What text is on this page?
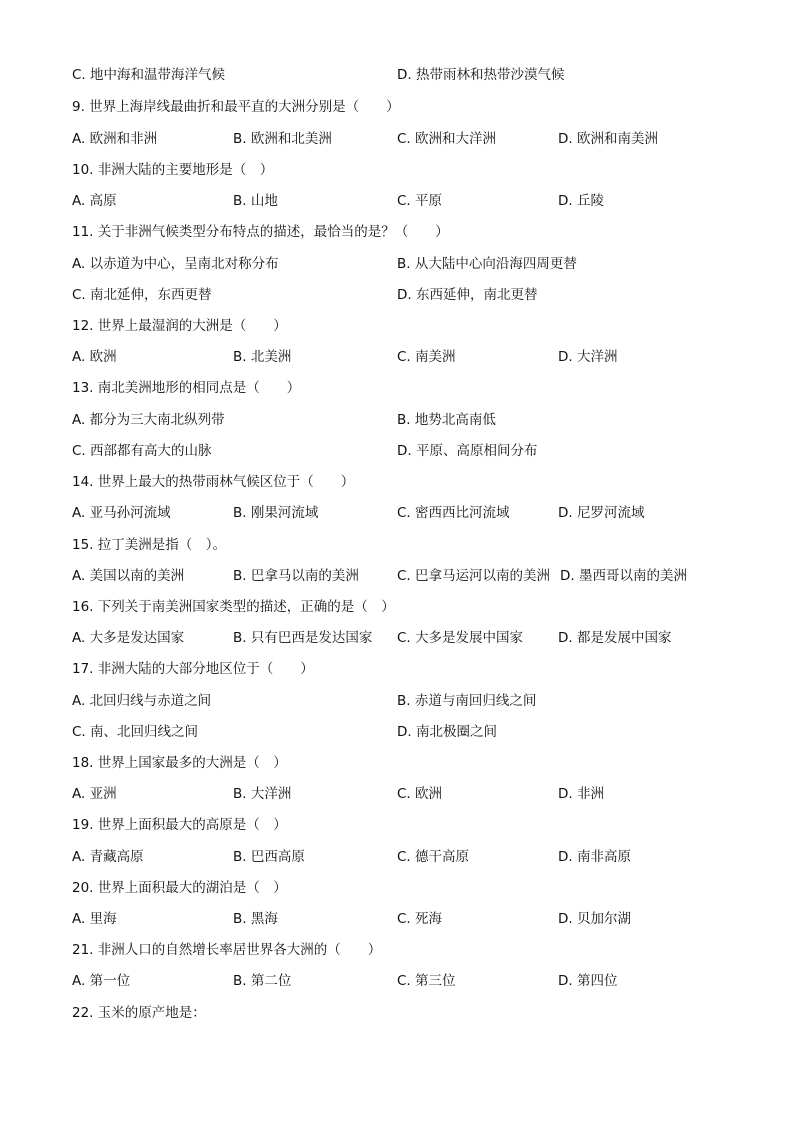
C. 地中海和温带海洋气候	D. 热带雨林和热带沙漠气候
9. 世界上海岸线最曲折和最平直的大洲分别是（　　）
A. 欧洲和非洲	B. 欧洲和北美洲	C. 欧洲和大洋洲	D. 欧洲和南美洲
10. 非洲大陆的主要地形是（　）
A. 高原	B. 山地	C. 平原	D. 丘陵
11. 关于非洲气候类型分布特点的描述，最恰当的是？（　　）
A. 以赤道为中心，呈南北对称分布	B. 从大陆中心向沿海四周更替
C. 南北延伸，东西更替	D. 东西延伸，南北更替
12. 世界上最湿润的大洲是（　　）
A. 欧洲	B. 北美洲	C. 南美洲	D. 大洋洲
13. 南北美洲地形的相同点是（　　）
A. 都分为三大南北纵列带	B. 地势北高南低
C. 西部都有高大的山脉	D. 平原、高原相间分布
14. 世界上最大的热带雨林气候区位于（　　）
A. 亚马孙河流域	B. 刚果河流域	C. 密西西比河流域	D. 尼罗河流域
15. 拉丁美洲是指（　）。
A. 美国以南的美洲	B. 巴拿马以南的美洲	C. 巴拿马运河以南的美洲 D. 墨西哥以南的美洲
16. 下列关于南美洲国家类型的描述，正确的是（　）
A. 大多是发达国家	B. 只有巴西是发达国家 C. 大多是发展中国家	D. 都是发展中国家
17. 非洲大陆的大部分地区位于（　　）
A. 北回归线与赤道之间	B. 赤道与南回归线之间
C. 南、北回归线之间	D. 南北极圈之间
18. 世界上国家最多的大洲是（　）
A. 亚洲	B. 大洋洲	C. 欧洲	D. 非洲
19. 世界上面积最大的高原是（　）
A. 青藏高原	B. 巴西高原	C. 德干高原	D. 南非高原
20. 世界上面积最大的湖泊是（　）
A. 里海	B. 黑海	C. 死海	D. 贝加尔湖
21. 非洲人口的自然增长率居世界各大洲的（　　）
A. 第一位	B. 第二位	C. 第三位	D. 第四位
22. 玉米的原产地是：
